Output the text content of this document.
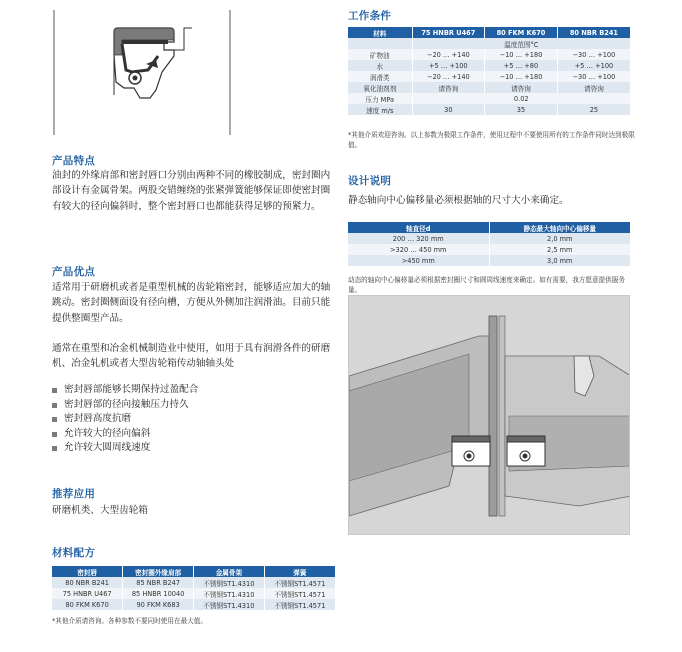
产品特点
油封的外缘肩部和密封唇口分别由两种不同的橡胶制成，密封圈内部设计有金属骨架。两股交错缠绕的张紧弹簧能够保证即使密封圈有较大的径向偏斜时，整个密封唇口也都能获得足够的预紧力。
产品优点
适常用于研磨机或者是重型机械的齿轮箱密封，能够适应加大的轴跳动。密封圈侧面设有径向槽，方便从外侧加注润滑油。目前只能提供整圈型产品。
通常在重型和冶金机械制造业中使用，如用于具有润滑各件的研磨机、冶金轧机或者大型齿轮箱传动轴轴头处
密封唇部能够长期保持过盈配合
密封唇部的径向接触压力持久
密封唇高度抗磨
允许较大的径向偏斜
允许较大圆周线速度
推荐应用
研磨机类、大型齿轮箱
材料配方
密封唇	密封圈外缘肩部	金属骨架	弹簧
80 NBR B241	85 NBR B247	不锈钢ST1.4310	不锈钢ST1.4571
75 HNBR U467	85 HNBR 10040	不锈钢ST1.4310	不锈钢ST1.4571
80 FKM K670	90 FKM K683	不锈钢ST1.4310	不锈钢ST1.4571
*其他介质请咨询。各种参数不要同时使用在最大值。
工作条件
材料	75 HNBR U467	80 FKM K670	80 NBR B241
	温度范围°C		
矿物油	−20 … +140	−10 … +180	−30 … +100
水	+5 … +100	+5 … +80	+5 … +100
润滑类	−20 … +140	−10 … +180	−30 … +100
氧化油剂剂	请咨询	请咨询	请咨询
压力 MPa	0.02		
速度 m/s	30	35	25
*其他介质欢迎咨询。以上参数为极限工作条件，使用过程中不要使用所有的工作条件同时达到极限值。
设计说明
静态轴向中心偏移量必须根据轴的尺寸大小来确定。
轴直径d	静态最大轴向中心偏移量
200 … 320 mm	2,0 mm
>320 … 450 mm	2,5 mm
>450 mm	3,0 mm
动态的轴向中心偏移量必须根据密封圈尺寸和圆周线速度来确定。如有需要，我方愿意提供服务量。
